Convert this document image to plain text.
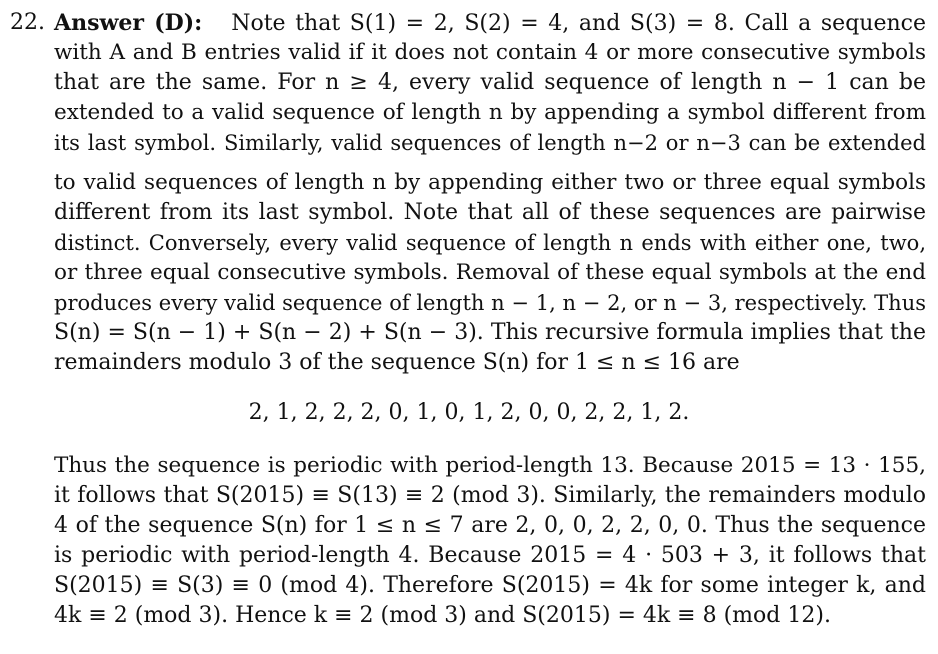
22. Answer (D): Note that S(1) = 2, S(2) = 4, and S(3) = 8. Call a sequence
with A and B entries valid if it does not contain 4 or more consecutive symbols
that are the same. For n ≥ 4, every valid sequence of length n − 1 can be
extended to a valid sequence of length n by appending a symbol different from
its last symbol. Similarly, valid sequences of length n−2 or n−3 can be extended
to valid sequences of length n by appending either two or three equal symbols
different from its last symbol. Note that all of these sequences are pairwise
distinct. Conversely, every valid sequence of length n ends with either one, two,
or three equal consecutive symbols. Removal of these equal symbols at the end
produces every valid sequence of length n − 1, n − 2, or n − 3, respectively. Thus
S(n) = S(n − 1) + S(n − 2) + S(n − 3). This recursive formula implies that the
remainders modulo 3 of the sequence S(n) for 1 ≤ n ≤ 16 are
2, 1, 2, 2, 2, 0, 1, 0, 1, 2, 0, 0, 2, 2, 1, 2.
Thus the sequence is periodic with period-length 13. Because 2015 = 13 · 155,
it follows that S(2015) ≡ S(13) ≡ 2 (mod 3). Similarly, the remainders modulo
4 of the sequence S(n) for 1 ≤ n ≤ 7 are 2, 0, 0, 2, 2, 0, 0. Thus the sequence
is periodic with period-length 4. Because 2015 = 4 · 503 + 3, it follows that
S(2015) ≡ S(3) ≡ 0 (mod 4). Therefore S(2015) = 4k for some integer k, and
4k ≡ 2 (mod 3). Hence k ≡ 2 (mod 3) and S(2015) = 4k ≡ 8 (mod 12).
